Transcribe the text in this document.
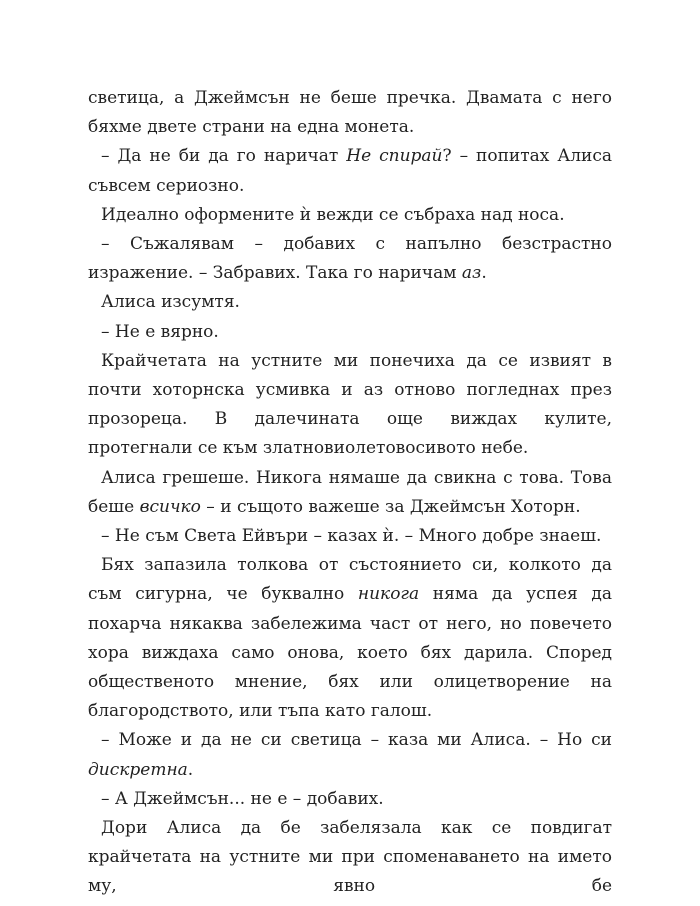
светица, а Джеймсън не беше пречка. Двамата с него бяхме двете страни на една монета.

– Да не би да го наричат Не спирай? – попитах Алиса съвсем сериозно.

Идеално оформените ѝ вежди се събраха над носа.

– Съжалявам – добавих с напълно безстрастно изражение. – Забравих. Така го наричам аз.

Алиса изсумтя.

– Не е вярно.

Крайчетата на устните ми понечиха да се извият в почти хоторнска усмивка и аз отново погледнах през прозореца. В далечината още виждах кулите, протегнали се към златновиолетовосивото небе.

Алиса грешеше. Никога нямаше да свикна с това. Това беше всичко – и същото важеше за Джеймсън Хоторн.

– Не съм Света Ейвъри – казах ѝ. – Много добре знаеш.

Бях запазила толкова от състоянието си, колкото да съм сигурна, че буквално никога няма да успея да похарча някаква забележима част от него, но повечето хора виждаха само онова, което бях дарила. Според общественото мнение, бях или олицетворение на благородството, или тъпа като галош.

– Може и да не си светица – каза ми Алиса. – Но си дискретна.

– А Джеймсън... не е – добавих.

Дори Алиса да бе забелязала как се повдигат крайчетата на устните ми при споменаването на името му, явно бе
